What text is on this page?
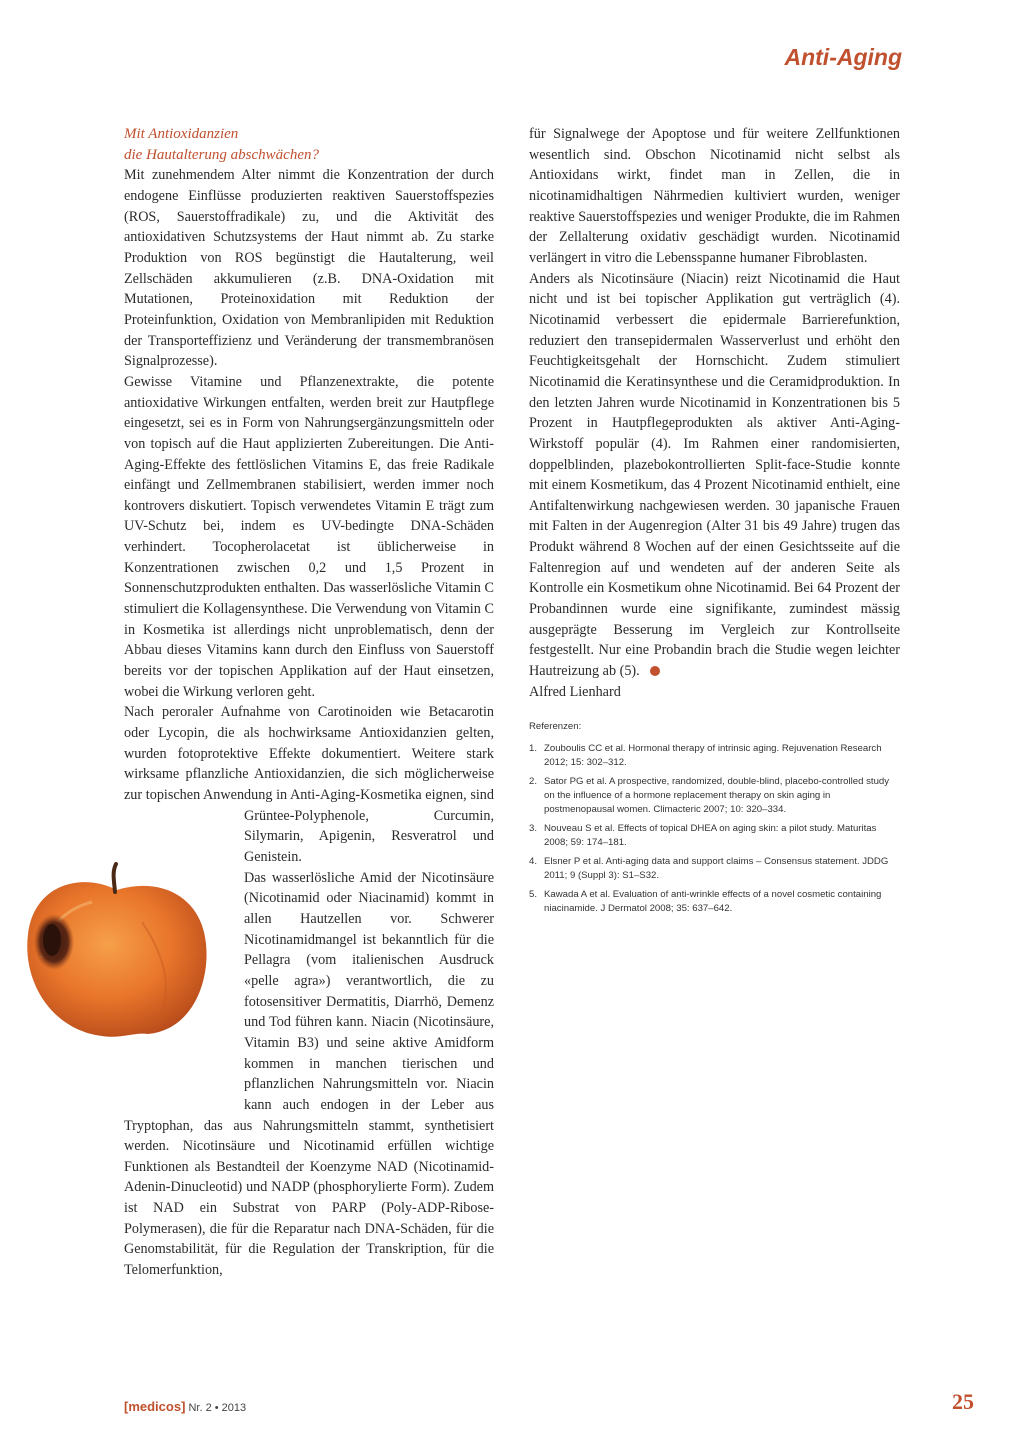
Anti-Aging

Mit Antioxidanzien

die Hautalterung abschwächen?

Mit zunehmendem Alter nimmt die Konzentration der durch endogene Einflüsse produzierten reaktiven Sauerstoffspezies (ROS, Sauerstoffradikale) zu, und die Aktivität des antioxidativen Schutzsystems der Haut nimmt ab. Zu starke Produktion von ROS begünstigt die Hautalterung, weil Zellschäden akkumulieren (z.B. DNA-Oxidation mit Mutationen, Proteinoxidation mit Reduktion der Proteinfunktion, Oxidation von Membranlipiden mit Reduktion der Transporteffizienz und Veränderung der transmembranösen Signalprozesse).

Gewisse Vitamine und Pflanzenextrakte, die potente antioxidative Wirkungen entfalten, werden breit zur Hautpflege eingesetzt, sei es in Form von Nahrungsergänzungsmitteln oder von topisch auf die Haut applizierten Zubereitungen. Die Anti-Aging-Effekte des fettlöslichen Vitamins E, das freie Radikale einfängt und Zellmembranen stabilisiert, werden immer noch kontrovers diskutiert. Topisch verwendetes Vitamin E trägt zum UV-Schutz bei, indem es UV-bedingte DNA-Schäden verhindert. Tocopherolacetat ist üblicherweise in Konzentrationen zwischen 0,2 und 1,5 Prozent in Sonnenschutzprodukten enthalten. Das wasserlösliche Vitamin C stimuliert die Kollagensynthese. Die Verwendung von Vitamin C in Kosmetika ist allerdings nicht unproblematisch, denn der Abbau dieses Vitamins kann durch den Einfluss von Sauerstoff bereits vor der topischen Applikation auf der Haut einsetzen, wobei die Wirkung verloren geht.

Nach peroraler Aufnahme von Carotinoiden wie Betacarotin oder Lycopin, die als hochwirksame Antioxidanzien gelten, wurden fotoprotektive Effekte dokumentiert. Weitere stark wirksame pflanzliche Antioxidanzien, die sich möglicherweise zur topischen Anwendung in Anti-Aging-Kosmetika eignen, sind Grüntee-Polyphenole, Curcumin, Silymarin, Apigenin, Resveratrol und Genistein.

Das wasserlösliche Amid der Nicotinsäure (Nicotinamid oder Niacinamid) kommt in allen Hautzellen vor. Schwerer Nicotinamidmangel ist bekanntlich für die Pellagra (vom italienischen Ausdruck «pelle agra») verantwortlich, die zu fotosensitiver Dermatitis, Diarrhö, Demenz und Tod führen kann. Niacin (Nicotinsäure, Vitamin B3) und seine aktive Amidform kommen in manchen tierischen und pflanzlichen Nahrungsmitteln vor. Niacin kann auch endogen in der Leber aus Tryptophan, das aus Nahrungsmitteln stammt, synthetisiert werden. Nicotinsäure und Nicotinamid erfüllen wichtige Funktionen als Bestandteil der Koenzyme NAD (Nicotinamid-Adenin-Dinucleotid) und NADP (phosphorylierte Form). Zudem ist NAD ein Substrat von PARP (Poly-ADP-Ribose-Polymerasen), die für die Reparatur nach DNA-Schäden, für die Genomstabilität, für die Regulation der Transkription, für die Telomerfunktion,

für Signalwege der Apoptose und für weitere Zellfunktionen wesentlich sind. Obschon Nicotinamid nicht selbst als Antioxidans wirkt, findet man in Zellen, die in nicotinamidhaltigen Nährmedien kultiviert wurden, weniger reaktive Sauerstoffspezies und weniger Produkte, die im Rahmen der Zellalterung oxidativ geschädigt wurden. Nicotinamid verlängert in vitro die Lebensspanne humaner Fibroblasten.

Anders als Nicotinsäure (Niacin) reizt Nicotinamid die Haut nicht und ist bei topischer Applikation gut verträglich (4). Nicotinamid verbessert die epidermale Barrierefunktion, reduziert den transepidermalen Wasserverlust und erhöht den Feuchtigkeitsgehalt der Hornschicht. Zudem stimuliert Nicotinamid die Keratinsynthese und die Ceramidproduktion. In den letzten Jahren wurde Nicotinamid in Konzentrationen bis 5 Prozent in Hautpflegeprodukten als aktiver Anti-Aging-Wirkstoff populär (4). Im Rahmen einer randomisierten, doppelblinden, plazebokontrollierten Split-face-Studie konnte mit einem Kosmetikum, das 4 Prozent Nicotinamid enthielt, eine Antifaltenwirkung nachgewiesen werden. 30 japanische Frauen mit Falten in der Augenregion (Alter 31 bis 49 Jahre) trugen das Produkt während 8 Wochen auf der einen Gesichtsseite auf die Faltenregion auf und wendeten auf der anderen Seite als Kontrolle ein Kosmetikum ohne Nicotinamid. Bei 64 Prozent der Probandinnen wurde eine signifikante, zumindest mässig ausgeprägte Besserung im Vergleich zur Kontrollseite festgestellt. Nur eine Probandin brach die Studie wegen leichter Hautreizung ab (5).

Alfred Lienhard

Referenzen:

1. Zouboulis CC et al. Hormonal therapy of intrinsic aging. Rejuvenation Research 2012; 15: 302–312.
2. Sator PG et al. A prospective, randomized, double-blind, placebo-controlled study on the influence of a hormone replacement therapy on skin aging in postmenopausal women. Climacteric 2007; 10: 320–334.
3. Nouveau S et al. Effects of topical DHEA on aging skin: a pilot study. Maturitas 2008; 59: 174–181.
4. Elsner P et al. Anti-aging data and support claims – Consensus statement. JDDG 2011; 9 (Suppl 3): S1–S32.
5. Kawada A et al. Evaluation of anti-wrinkle effects of a novel cosmetic containing niacinamide. J Dermatol 2008; 35: 637–642.
[medicos] Nr. 2 • 2013	25
